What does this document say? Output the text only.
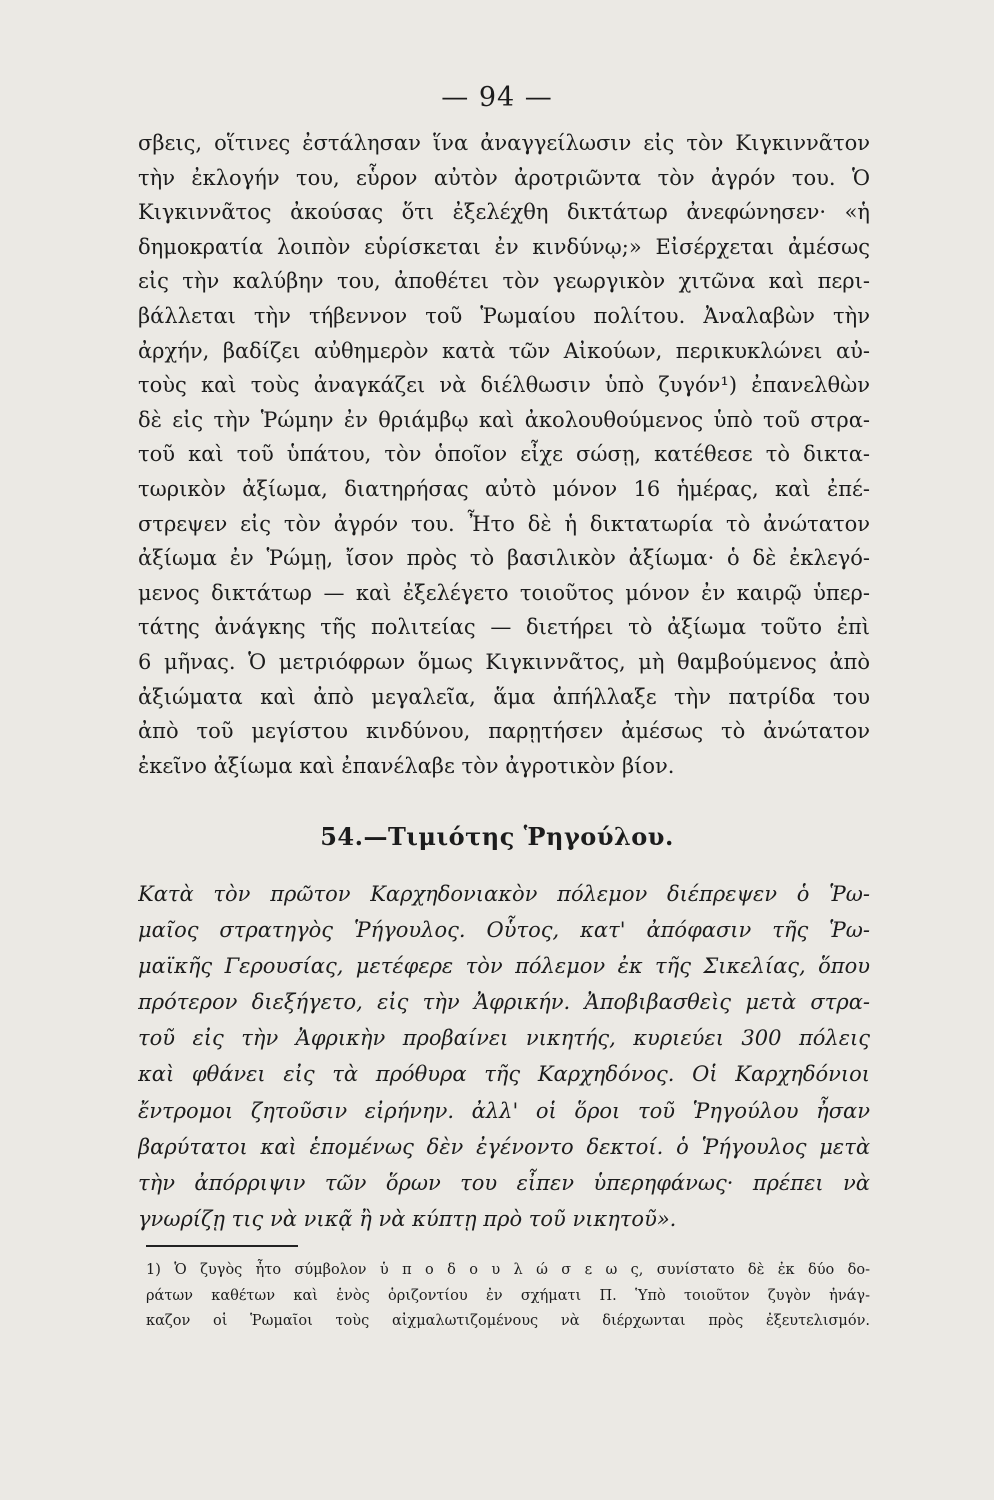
— 94 —
σβεις, οἵτινες ἐστάλησαν ἵνα ἀναγγείλωσιν εἰς τὸν Κιγκιννᾶτον
τὴν ἐκλογήν του, εὗρον αὐτὸν ἀροτριῶντα τὸν ἀγρόν του. Ὁ
Κιγκιννᾶτος ἀκούσας ὅτι ἐξελέχθη δικτάτωρ ἀνεφώνησεν· «ἡ
δημοκρατία λοιπὸν εὑρίσκεται ἐν κινδύνῳ;» Εἰσέρχεται ἀμέσως
εἰς τὴν καλύβην του, ἀποθέτει τὸν γεωργικὸν χιτῶνα καὶ περι-
βάλλεται τὴν τήβεννον τοῦ Ῥωμαίου πολίτου. Ἀναλαβὼν τὴν
ἀρχήν, βαδίζει αὐθημερὸν κατὰ τῶν Αἰκούων, περικυκλώνει αὐ-
τοὺς καὶ τοὺς ἀναγκάζει νὰ διέλθωσιν ὑπὸ ζυγόν¹) ἐπανελθὼν
δὲ εἰς τὴν Ῥώμην ἐν θριάμβῳ καὶ ἀκολουθούμενος ὑπὸ τοῦ στρα-
τοῦ καὶ τοῦ ὑπάτου, τὸν ὁποῖον εἶχε σώσῃ, κατέθεσε τὸ δικτα-
τωρικὸν ἀξίωμα, διατηρήσας αὐτὸ μόνον 16 ἡμέρας, καὶ ἐπέ-
στρεψεν εἰς τὸν ἀγρόν του. Ἦτο δὲ ἡ δικτατωρία τὸ ἀνώτατον
ἀξίωμα ἐν Ῥώμῃ, ἴσον πρὸς τὸ βασιλικὸν ἀξίωμα· ὁ δὲ ἐκλεγό-
μενος δικτάτωρ — καὶ ἐξελέγετο τοιοῦτος μόνον ἐν καιρῷ ὑπερ-
τάτης ἀνάγκης τῆς πολιτείας — διετήρει τὸ ἀξίωμα τοῦτο ἐπὶ
6 μῆνας. Ὁ μετριόφρων ὅμως Κιγκιννᾶτος, μὴ θαμβούμενος ἀπὸ
ἀξιώματα καὶ ἀπὸ μεγαλεῖα, ἅμα ἀπήλλαξε τὴν πατρίδα του
ἀπὸ τοῦ μεγίστου κινδύνου, παρῃτήσεν ἀμέσως τὸ ἀνώτατον
ἐκεῖνο ἀξίωμα καὶ ἐπανέλαβε τὸν ἀγροτικὸν βίον.
54.—Τιμιότης Ῥηγούλου.
Κατὰ τὸν πρῶτον Καρχηδονιακὸν πόλεμον διέπρεψεν ὁ Ῥω-
μαῖος στρατηγὸς Ῥήγουλος. Οὗτος, κατ' ἀπόφασιν τῆς Ῥω-
μαϊκῆς Γερουσίας, μετέφερε τὸν πόλεμον ἐκ τῆς Σικελίας, ὅπου
πρότερον διεξήγετο, εἰς τὴν Ἀφρικήν. Ἀποβιβασθεὶς μετὰ στρα-
τοῦ εἰς τὴν Ἀφρικὴν προβαίνει νικητής, κυριεύει 300 πόλεις
καὶ φθάνει εἰς τὰ πρόθυρα τῆς Καρχηδόνος. Οἱ Καρχηδόνιοι
ἔντρομοι ζητοῦσιν εἰρήνην. ἀλλ' οἱ ὅροι τοῦ Ῥηγούλου ἦσαν
βαρύτατοι καὶ ἑπομένως δὲν ἐγένοντο δεκτοί. ὁ Ῥήγουλος μετὰ
τὴν ἀπόρριψιν τῶν ὅρων του εἶπεν ὑπερηφάνως· πρέπει νὰ
γνωρίζῃ τις νὰ νικᾷ ἢ νὰ κύπτῃ πρὸ τοῦ νικητοῦ».
1) Ὁ ζυγὸς ἦτο σύμβολον ὑ π ο δ ο υ λ ώ σ ε ω ς, συνίστατο δὲ ἐκ δύο δο-
ράτων καθέτων καὶ ἑνὸς ὁριζοντίου ἐν σχήματι Π. Ὑπὸ τοιοῦτον ζυγὸν ἠνάγ-
καζον οἱ Ῥωμαῖοι τοὺς αἰχμαλωτιζομένους νὰ διέρχωνται πρὸς ἐξευτελισμόν.
